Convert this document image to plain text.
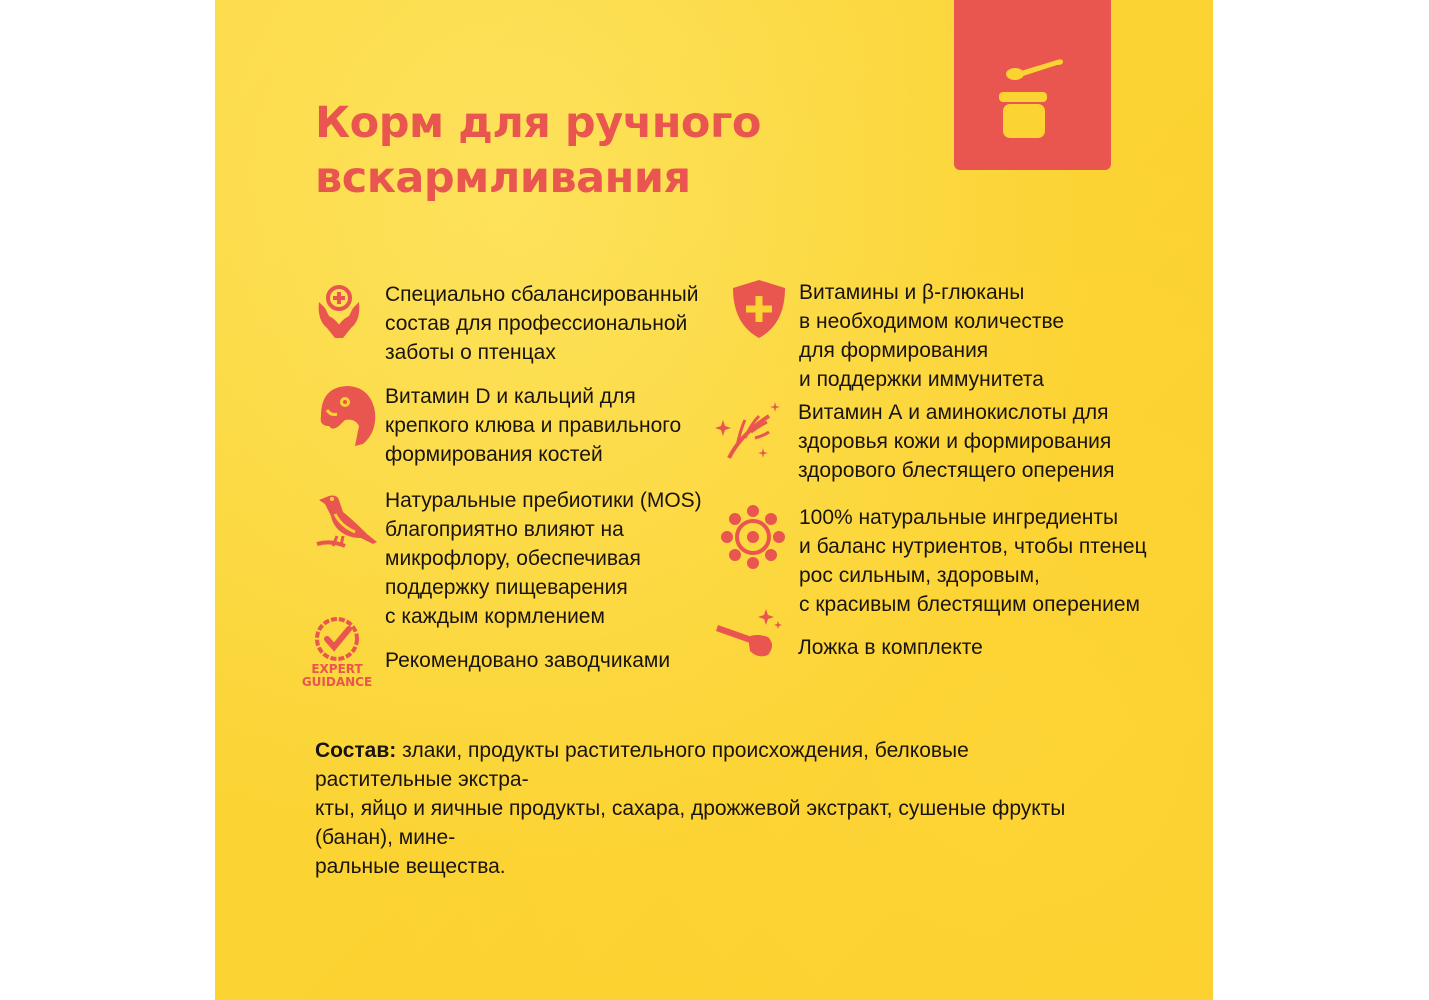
Корм для ручного
вскармливания
Специально сбалансированный
состав для профессиональной
заботы о птенцах
Витамин D и кальций для
крепкого клюва и правильного
формирования костей
Натуральные пребиотики (MOS)
благоприятно влияют на
микрофлору, обеспечивая
поддержку пищеварения
с каждым кормлением
EXPERT
GUIDANCE
Рекомендовано заводчиками
Витамины и β-глюканы
в необходимом количестве
для формирования
и поддержки иммунитета
Витамин А и аминокислоты для
здоровья кожи и формирования
здорового блестящего оперения
100% натуральные ингредиенты
и баланс нутриентов, чтобы птенец
рос сильным, здоровым,
с красивым блестящим оперением
Ложка в комплекте
Состав: злаки, продукты растительного происхождения, белковые растительные экстра-
кты, яйцо и яичные продукты, сахара, дрожжевой экстракт, сушеные фрукты (банан), мине-
ральные вещества.
